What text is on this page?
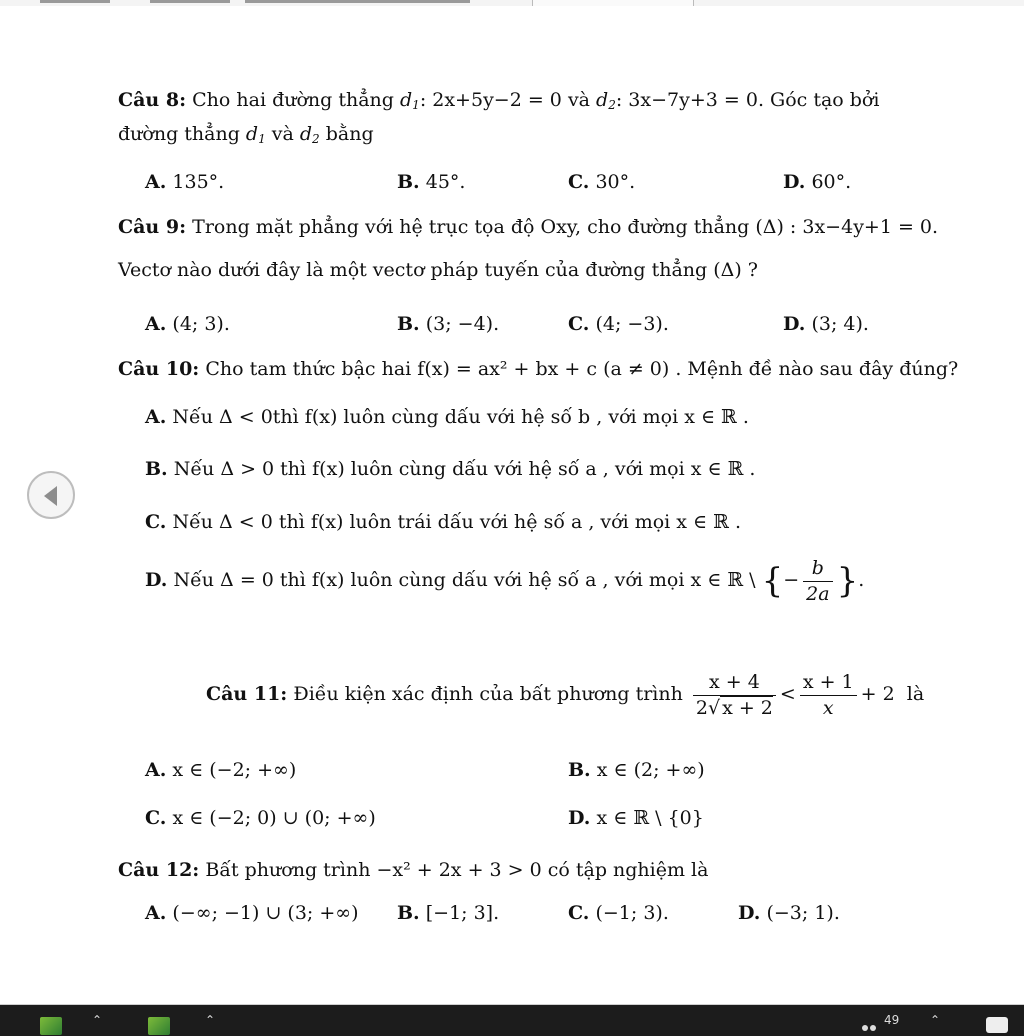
Câu 8: Cho hai đường thẳng $d_1$: 2x+5y−2 = 0 và $d_2$: 3x−7y+3 = 0. Góc tạo bởi
đường thẳng $d_1$ và $d_2$ bằng
A. 135°.	B. 45°.	C. 30°.	D. 60°.
Câu 9: Trong mặt phẳng với hệ trục tọa độ Oxy, cho đường thẳng (Δ) : 3x−4y+1 = 0.
Vectơ nào dưới đây là một vectơ pháp tuyến của đường thẳng (Δ) ?
A. (4; 3).	B. (3; −4).	C. (4; −3).	D. (3; 4).
Câu 10: Cho tam thức bậc hai f(x) = ax² + bx + c (a ≠ 0) . Mệnh đề nào sau đây đúng?
A. Nếu Δ < 0thì f(x) luôn cùng dấu với hệ số b , với mọi x ∈ ℝ .
B. Nếu Δ > 0 thì f(x) luôn cùng dấu với hệ số a , với mọi x ∈ ℝ .
C. Nếu Δ < 0 thì f(x) luôn trái dấu với hệ số a , với mọi x ∈ ℝ .
D. Nếu Δ = 0 thì f(x) luôn cùng dấu với hệ số a , với mọi x ∈ ℝ \ {− $\frac{b}{2a}$ }.
Câu 11: Điều kiện xác định của bất phương trình $\frac{x + 4}{2√ x + 2} < \frac{x + 1}{x} + 2$ là
A. x ∈ (−2; +∞)	B. x ∈ (2; +∞)
C. x ∈ (−2; 0) ∪ (0; +∞)	D. x ∈ ℝ \ {0}
Câu 12: Bất phương trình −x² + 2x + 3 > 0 có tập nghiệm là
A. (−∞; −1) ∪ (3; +∞) B. [−1; 3].	C. (−1; 3).	D. (−3; 1).
⌃	⌃	49	⌃
